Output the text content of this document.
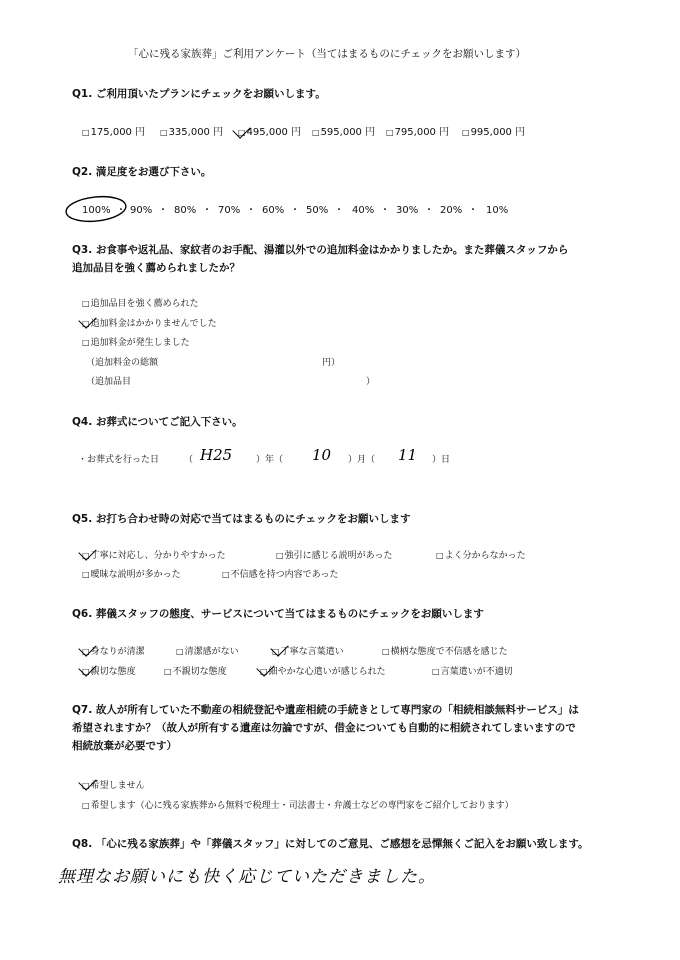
「心に残る家族葬」ご利用アンケート（当てはまるものにチェックをお願いします）
Q1. ご利用頂いたプランにチェックをお願いします。
□ 175,000 円	□ 335,000 円	□ 495,000 円	□ 595,000 円	□ 795,000 円	□ 995,000 円
Q2. 満足度をお選び下さい。
100% ・ 90% ・ 80% ・ 70% ・ 60% ・ 50% ・ 40% ・ 30% ・ 20% ・ 10%
Q3. お食事や返礼品、家紋者のお手配、湯灌以外での追加料金はかかりましたか。また葬儀スタッフから
追加品目を強く薦められましたか？
□ 追加品目を強く薦められた
□ 追加料金はかかりませんでした
□ 追加料金が発生しました
（追加料金の総額	円）
（追加品目	）
Q4. お葬式についてご記入下さい。
・お葬式を行った日	（ H25	）年（ 10 ）月（ 11 ）日
Q5. お打ち合わせ時の対応で当てはまるものにチェックをお願いします
□ 丁寧に対応し、分かりやすかった	□ 強引に感じる説明があった	□ よく分からなかった
□ 曖昧な説明が多かった	□ 不信感を持つ内容であった
Q6. 葬儀スタッフの態度、サービスについて当てはまるものにチェックをお願いします
□ 身なりが清潔	□ 清潔感がない	□ 丁寧な言葉遣い	□ 横柄な態度で不信感を感じた
□ 親切な態度	□ 不親切な態度	□ 細やかな心遣いが感じられた	□ 言葉遣いが不適切
Q7. 故人が所有していた不動産の相続登記や遺産相続の手続きとして専門家の「相続相談無料サービス」は
希望されますか？（故人が所有する遺産は勿論ですが、借金についても自動的に相続されてしまいますので
相続放棄が必要です）
□ 希望しません
□ 希望します（心に残る家族葬から無料で税理士・司法書士・弁護士などの専門家をご紹介しております）
Q8. 「心に残る家族葬」や「葬儀スタッフ」に対してのご意見、ご感想を忌憚無くご記入をお願い致します。
無理なお願いにも快く応じていただきました。
